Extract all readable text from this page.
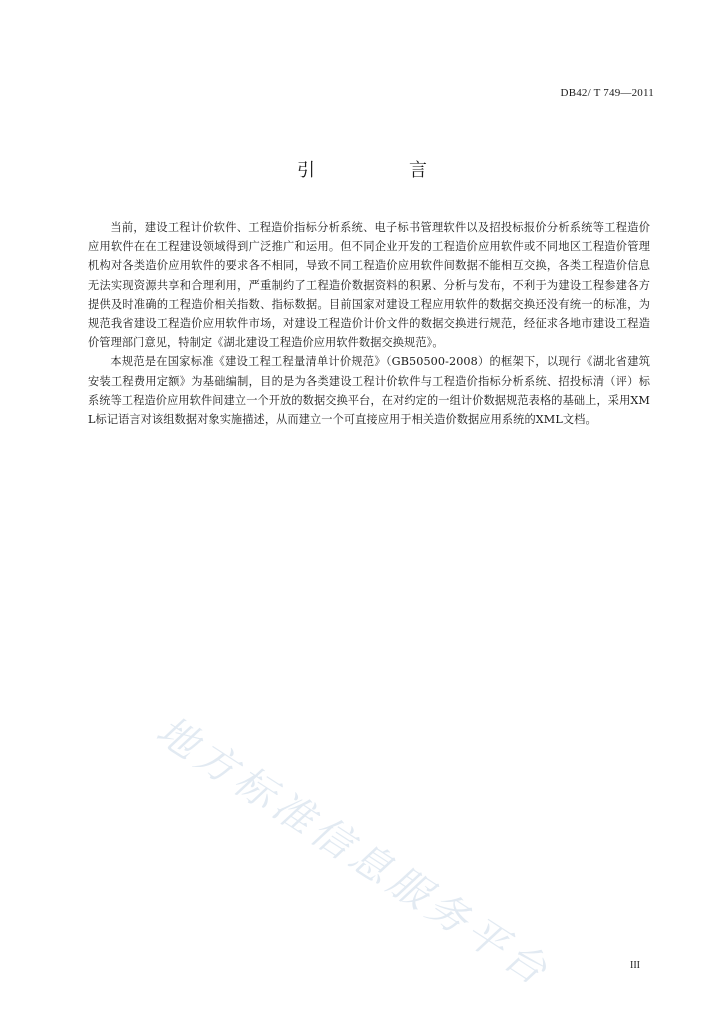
DB42/ T 749—2011
引　言

当前，建设工程计价软件、工程造价指标分析系统、电子标书管理软件以及招投标报价分析系统等工程造价应用软件在在工程建设领域得到广泛推广和运用。但不同企业开发的工程造价应用软件或不同地区工程造价管理机构对各类造价应用软件的要求各不相同，导致不同工程造价应用软件间数据不能相互交换，各类工程造价信息无法实现资源共享和合理利用，严重制约了工程造价数据资料的积累、分析与发布，不利于为建设工程参建各方提供及时准确的工程造价相关指数、指标数据。目前国家对建设工程应用软件的数据交换还没有统一的标准，为规范我省建设工程造价应用软件市场，对建设工程造价计价文件的数据交换进行规范，经征求各地市建设工程造价管理部门意见，特制定《湖北建设工程造价应用软件数据交换规范》。

本规范是在国家标准《建设工程工程量清单计价规范》（GB50500-2008）的框架下，以现行《湖北省建筑安装工程费用定额》为基础编制，目的是为各类建设工程计价软件与工程造价指标分析系统、招投标清（评）标系统等工程造价应用软件间建立一个开放的数据交换平台，在对约定的一组计价数据规范表格的基础上，采用XML标记语言对该组数据对象实施描述，从而建立一个可直接应用于相关造价数据应用系统的XML文档。

地方标准信息服务平台	III
